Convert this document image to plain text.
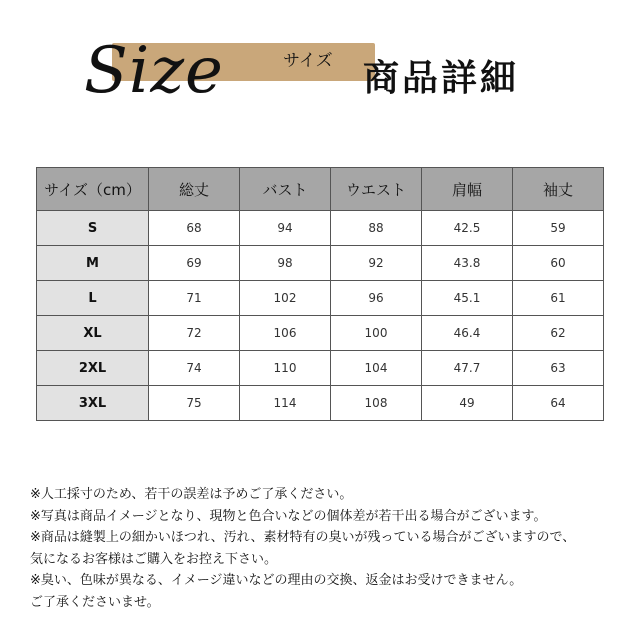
Size	サイズ 商品詳細
サイズ（cm）	総丈	バスト	ウエスト	肩幅	袖丈
S	68	94	88	42.5	59
M	69	98	92	43.8	60
L	71	102	96	45.1	61
XL	72	106	100	46.4	62
2XL	74	110	104	47.7	63
3XL	75	114	108	49	64

※人工採寸のため、若干の誤差は予めご了承ください。

※写真は商品イメージとなり、現物と色合いなどの個体差が若干出る場合がございます。

※商品は縫製上の細かいほつれ、汚れ、素材特有の臭いが残っている場合がございますので、

気になるお客様はご購入をお控え下さい。

※臭い、色味が異なる、イメージ違いなどの理由の交換、返金はお受けできません。

ご了承くださいませ。
